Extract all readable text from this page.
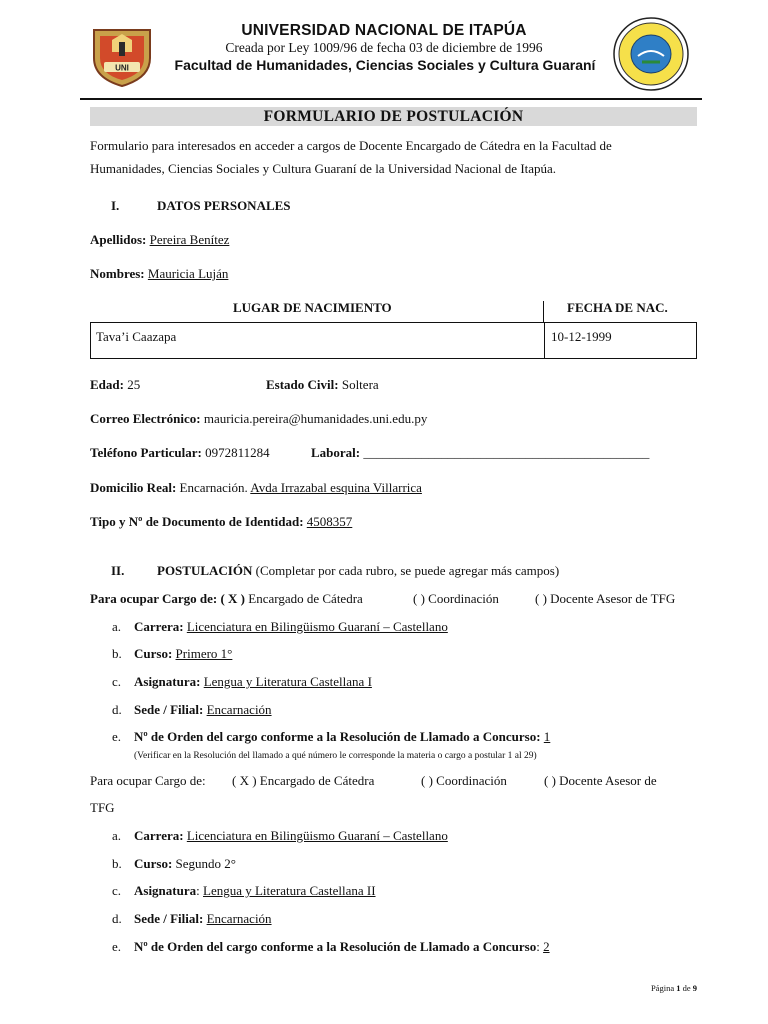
UNI
UNIVERSIDAD NACIONAL DE ITAPÚA
Creada por Ley 1009/96 de fecha 03 de diciembre de 1996
Facultad de Humanidades, Ciencias Sociales y Cultura Guaraní
FORMULARIO DE POSTULACIÓN
Formulario para interesados en acceder a cargos de Docente Encargado de Cátedra en la Facultad de
Humanidades, Ciencias Sociales y Cultura Guaraní de la Universidad Nacional de Itapúa.
I.	DATOS PERSONALES
Apellidos: Pereira Benítez
Nombres: Mauricia Luján
LUGAR DE NACIMIENTO	FECHA DE NAC.
Tava’i Caazapa	10-12-1999
Edad: 25	Estado Civil: Soltera
Correo Electrónico: mauricia.pereira@humanidades.uni.edu.py
Teléfono Particular: 0972811284	Laboral: ____________________________________________
Domicilio Real: Encarnación. Avda Irrazabal esquina Villarrica
Tipo y Nº de Documento de Identidad: 4508357
II.	POSTULACIÓN (Completar por cada rubro, se puede agregar más campos)
Para ocupar Cargo de: ( X ) Encargado de Cátedra	( ) Coordinación	( ) Docente Asesor de TFG
a. Carrera: Licenciatura en Bilingüismo Guaraní – Castellano
b. Curso: Primero 1°
c. Asignatura: Lengua y Literatura Castellana I
d. Sede / Filial: Encarnación
e. Nº de Orden del cargo conforme a la Resolución de Llamado a Concurso: 1
(Verificar en la Resolución del llamado a qué número le corresponde la materia o cargo a postular 1 al 29)
Para ocupar Cargo de: ( X ) Encargado de Cátedra	( ) Coordinación	( ) Docente Asesor de
TFG
a. Carrera: Licenciatura en Bilingüismo Guaraní – Castellano
b. Curso: Segundo 2°
c. Asignatura: Lengua y Literatura Castellana II
d. Sede / Filial: Encarnación
e. Nº de Orden del cargo conforme a la Resolución de Llamado a Concurso: 2
Página 1 de 9
